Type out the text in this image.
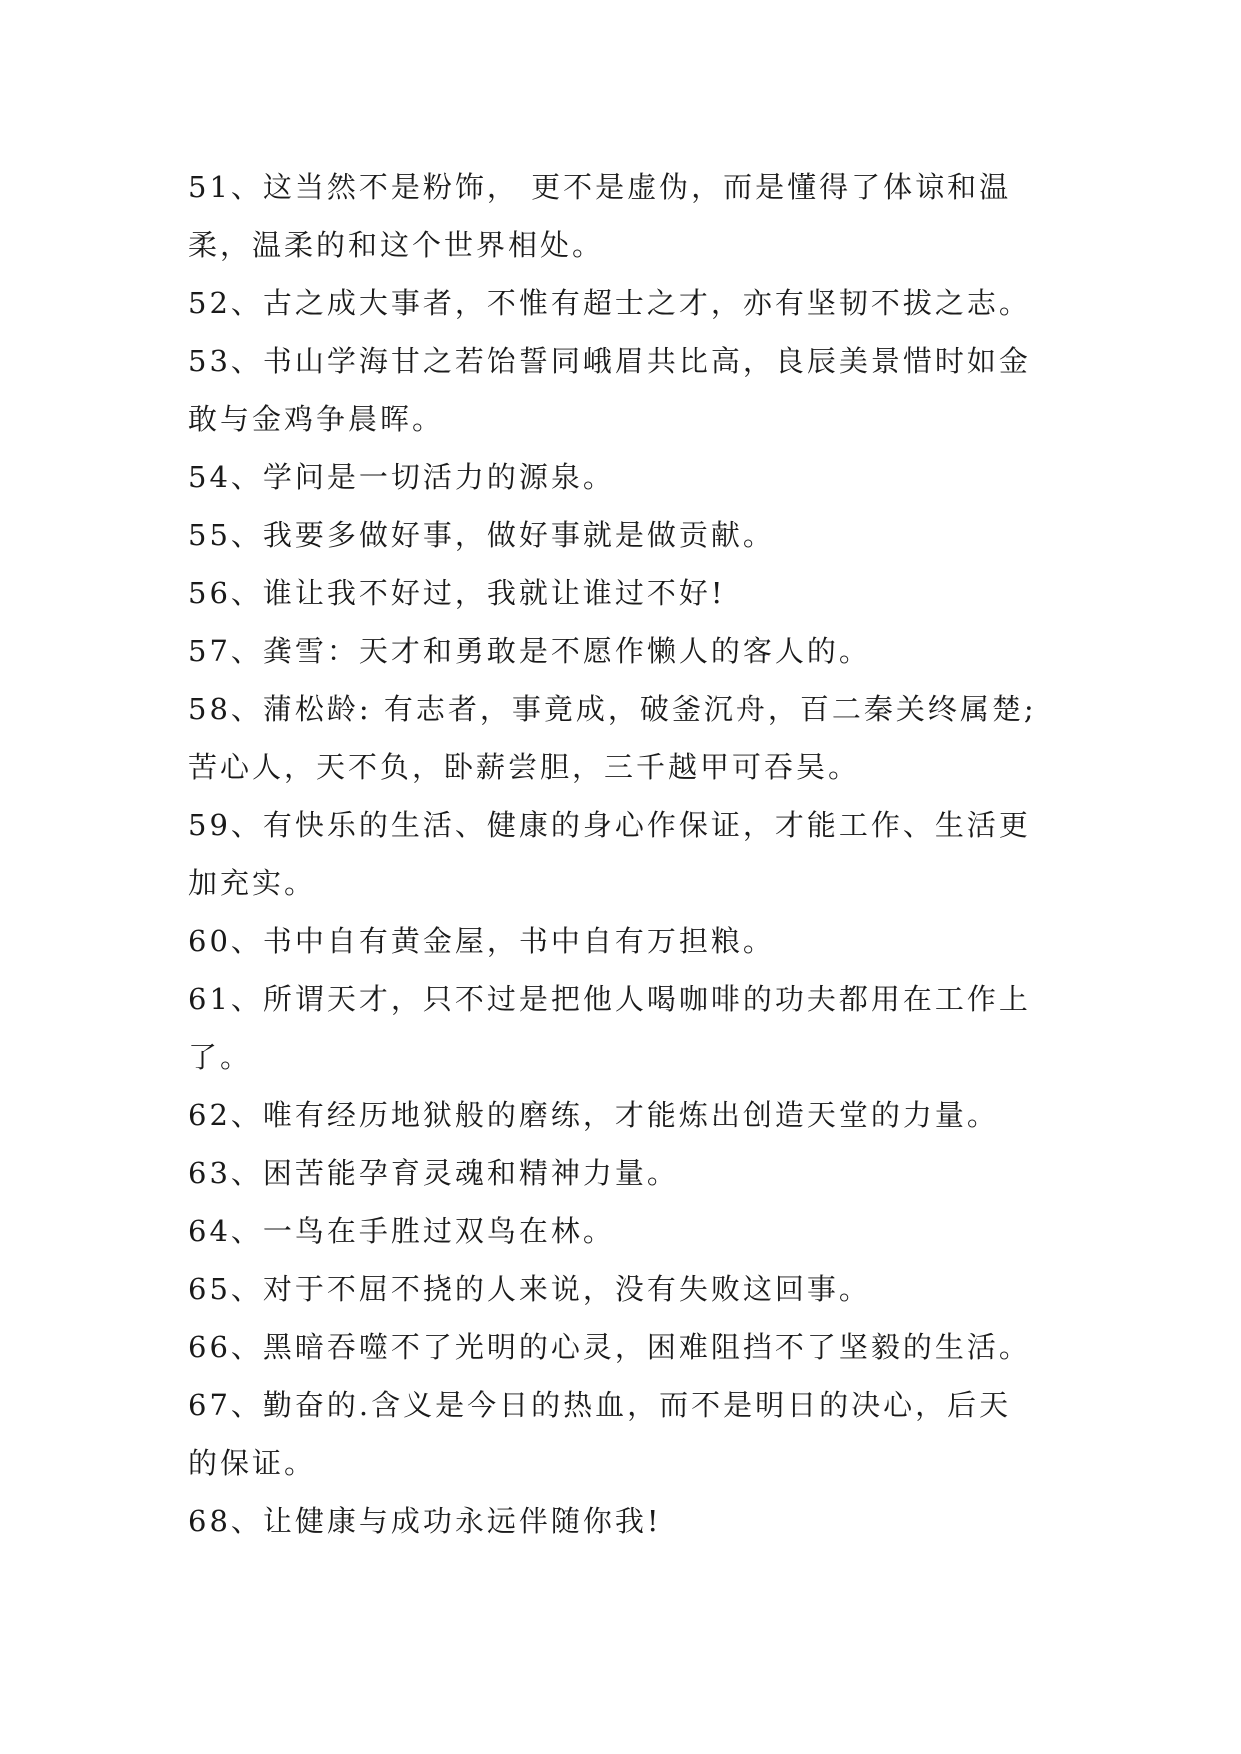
51、这当然不是粉饰， 更不是虚伪，而是懂得了体谅和温

柔，温柔的和这个世界相处。

52、古之成大事者，不惟有超士之才，亦有坚韧不拔之志。

53、书山学海甘之若饴誓同峨眉共比高，良辰美景惜时如金

敢与金鸡争晨晖。

54、学问是一切活力的源泉。

55、我要多做好事，做好事就是做贡献。

56、谁让我不好过，我就让谁过不好!

57、龚雪：天才和勇敢是不愿作懒人的客人的。

58、蒲松龄: 有志者，事竟成，破釜沉舟，百二秦关终属楚;

苦心人，天不负，卧薪尝胆，三千越甲可吞吴。

59、有快乐的生活、健康的身心作保证，才能工作、生活更

加充实。

60、书中自有黄金屋，书中自有万担粮。

61、所谓天才，只不过是把他人喝咖啡的功夫都用在工作上

了。

62、唯有经历地狱般的磨练，才能炼出创造天堂的力量。

63、困苦能孕育灵魂和精神力量。

64、一鸟在手胜过双鸟在林。

65、对于不屈不挠的人来说，没有失败这回事。

66、黑暗吞噬不了光明的心灵，困难阻挡不了坚毅的生活。

67、勤奋的.含义是今日的热血，而不是明日的决心，后天

的保证。

68、让健康与成功永远伴随你我!
